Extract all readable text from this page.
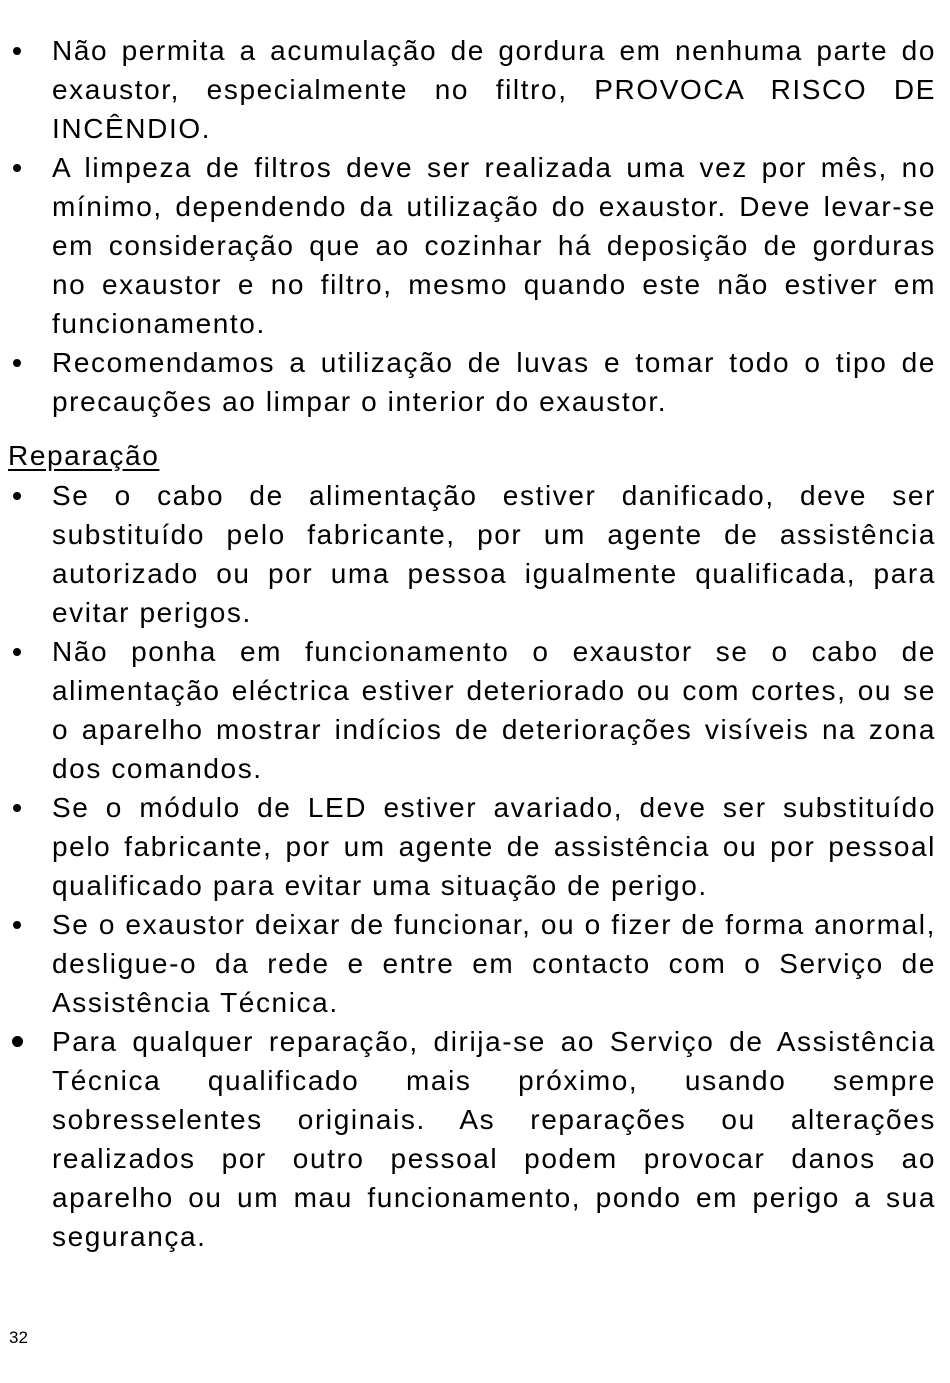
Não permita a acumulação de gordura em nenhuma parte do exaustor, especialmente no filtro, PROVOCA RISCO DE INCÊNDIO.
A limpeza de filtros deve ser realizada uma vez por mês, no mínimo, dependendo da utilização do exaustor. Deve levar-se em consideração que ao cozinhar há deposição de gorduras no exaustor e no filtro, mesmo quando este não estiver em funcionamento.
Recomendamos a utilização de luvas e tomar todo o tipo de precauções ao limpar o interior do exaustor.
Reparação
Se o cabo de alimentação estiver danificado, deve ser substituído pelo fabricante, por um agente de assistência autorizado ou por uma pessoa igualmente qualificada, para evitar perigos.
Não ponha em funcionamento o exaustor se o cabo de alimentação eléctrica estiver deteriorado ou com cortes, ou se o aparelho mostrar indícios de deteriorações visíveis na zona dos comandos.
Se o módulo de LED estiver avariado, deve ser substituído pelo fabricante, por um agente de assistência ou por pessoal qualificado para evitar uma situação de perigo.
Se o exaustor deixar de funcionar, ou o fizer de forma anormal, desligue-o da rede e entre em contacto com o Serviço de Assistência Técnica.
Para qualquer reparação, dirija-se ao Serviço de Assistência Técnica qualificado mais próximo, usando sempre sobresselentes originais. As reparações ou alterações realizados por outro pessoal podem provocar danos ao aparelho ou um mau funcionamento, pondo em perigo a sua segurança.
32
